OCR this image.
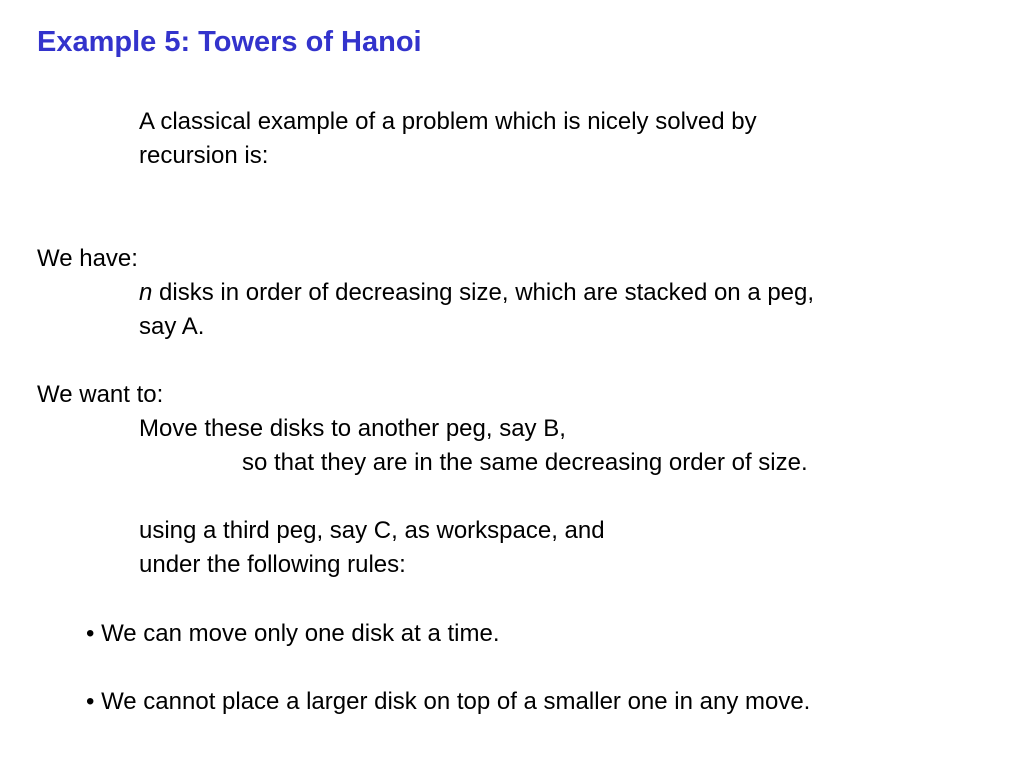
Example 5: Towers of Hanoi
A classical example of a problem which is nicely solved by
recursion is:
We have:
n disks in order of decreasing size, which are stacked on a peg,
say A.
We want to:
Move these disks to another peg, say B,
so that they are in the same decreasing order of size.
using a third peg, say C, as workspace, and
under the following rules:
• We can move only one disk at a time.
• We cannot place a larger disk on top of a smaller one in any move.
